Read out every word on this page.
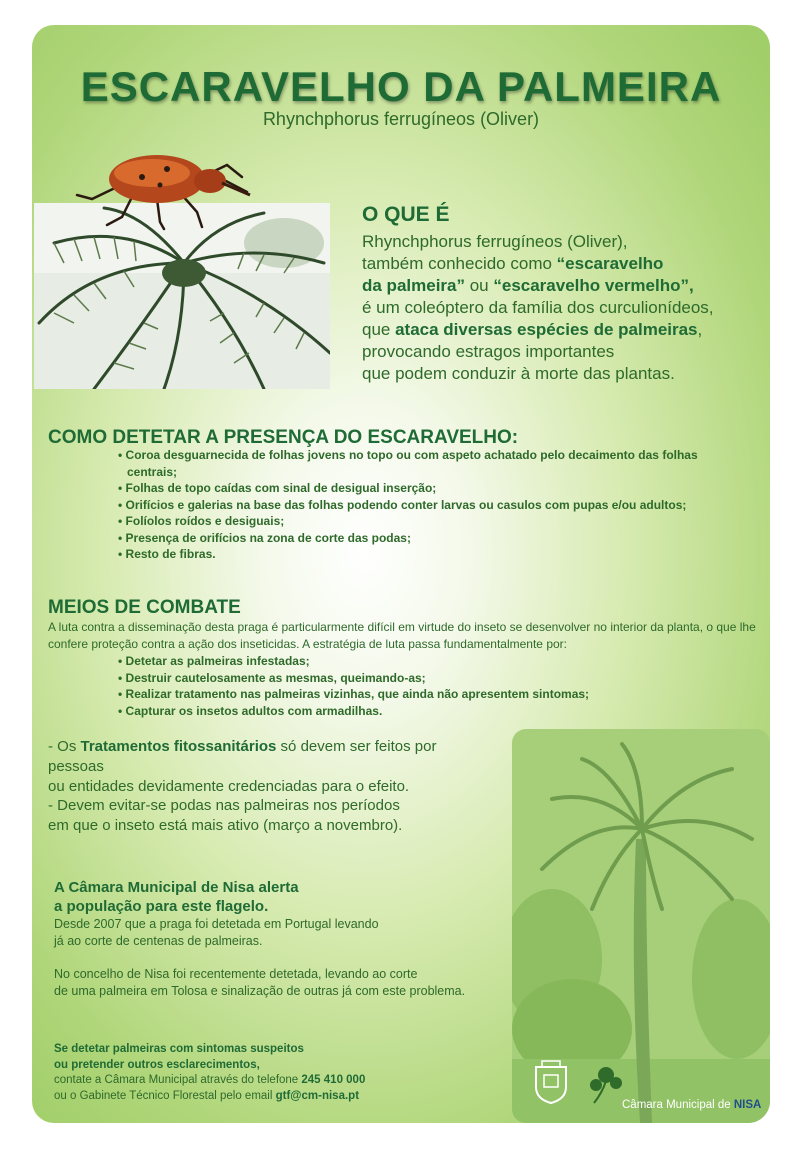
ESCARAVELHO DA PALMEIRA
Rhynchphorus ferrugíneos (Oliver)
O QUE É
Rhynchphorus ferrugíneos (Oliver),
também conhecido como “escaravelho
da palmeira” ou “escaravelho vermelho”,
é um coleóptero da família dos curculionídeos,
que ataca diversas espécies de palmeiras,
provocando estragos importantes
que podem conduzir à morte das plantas.
COMO DETETAR A PRESENÇA DO ESCARAVELHO:
• Coroa desguarnecida de folhas jovens no topo ou com aspeto achatado pelo decaimento das folhas centrais;
• Folhas de topo caídas com sinal de desigual inserção;
• Orifícios e galerias na base das folhas podendo conter larvas ou casulos com pupas e/ou adultos;
• Folíolos roídos e desiguais;
• Presença de orifícios na zona de corte das podas;
• Resto de fibras.
MEIOS DE COMBATE
A luta contra a disseminação desta praga é particularmente difícil em virtude do inseto se desenvolver no interior da planta, o que lhe confere proteção contra a ação dos inseticidas. A estratégia de luta passa fundamentalmente por:
• Detetar as palmeiras infestadas;
• Destruir cautelosamente as mesmas, queimando-as;
• Realizar tratamento nas palmeiras vizinhas, que ainda não apresentem sintomas;
• Capturar os insetos adultos com armadilhas.
- Os Tratamentos fitossanitários só devem ser feitos por pessoas
ou entidades devidamente credenciadas para o efeito.
- Devem evitar-se podas nas palmeiras nos períodos
em que o inseto está mais ativo (março a novembro).
A Câmara Municipal de Nisa alerta
a população para este flagelo.
Desde 2007 que a praga foi detetada em Portugal levando
já ao corte de centenas de palmeiras.
No concelho de Nisa foi recentemente detetada, levando ao corte
de uma palmeira em Tolosa e sinalização de outras já com este problema.
Se detetar palmeiras com sintomas suspeitos
ou pretender outros esclarecimentos,
contate a Câmara Municipal através do telefone 245 410 000
ou o Gabinete Técnico Florestal pelo email gtf@cm-nisa.pt
Câmara Municipal de NISA
